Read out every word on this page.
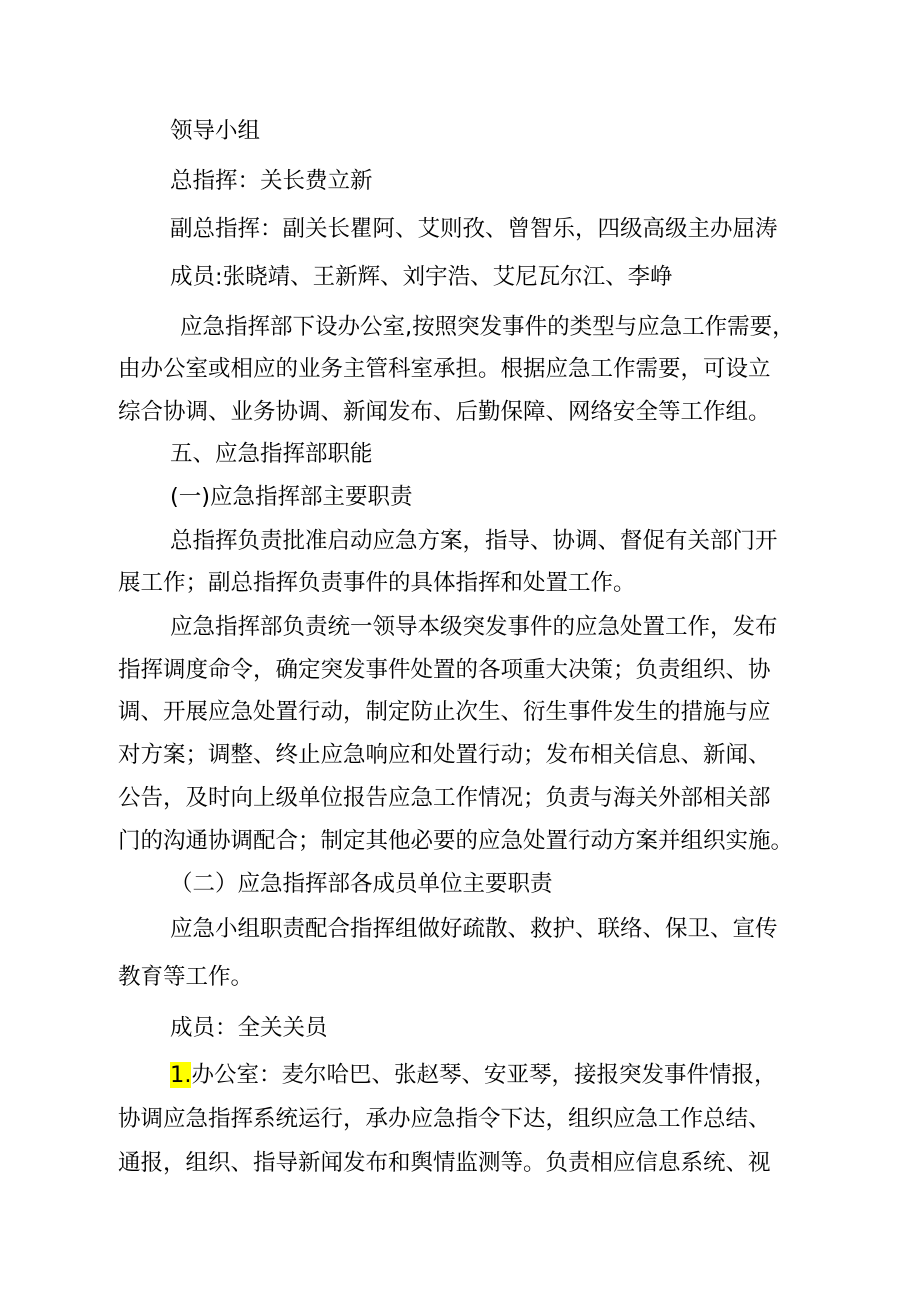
领导小组
总指挥：关长费立新
副总指挥：副关长瞿阿、艾则孜、曾智乐，四级高级主办屈涛
成员:张晓靖、王新辉、刘宇浩、艾尼瓦尔江、李峥
应急指挥部下设办公室,按照突发事件的类型与应急工作需要，
由办公室或相应的业务主管科室承担。根据应急工作需要，可设立
综合协调、业务协调、新闻发布、后勤保障、网络安全等工作组。
五、应急指挥部职能
(一)应急指挥部主要职责
总指挥负责批准启动应急方案，指导、协调、督促有关部门开
展工作；副总指挥负责事件的具体指挥和处置工作。
应急指挥部负责统一领导本级突发事件的应急处置工作，发布
指挥调度命令，确定突发事件处置的各项重大决策；负责组织、协
调、开展应急处置行动，制定防止次生、衍生事件发生的措施与应
对方案；调整、终止应急响应和处置行动；发布相关信息、新闻、
公告，及时向上级单位报告应急工作情况；负责与海关外部相关部
门的沟通协调配合；制定其他必要的应急处置行动方案并组织实施。
（二）应急指挥部各成员单位主要职责
应急小组职责配合指挥组做好疏散、救护、联络、保卫、宣传
教育等工作。
成员：全关关员
1.办公室：麦尔哈巴、张赵琴、安亚琴，接报突发事件情报，
协调应急指挥系统运行，承办应急指令下达，组织应急工作总结、
通报，组织、指导新闻发布和舆情监测等。负责相应信息系统、视
